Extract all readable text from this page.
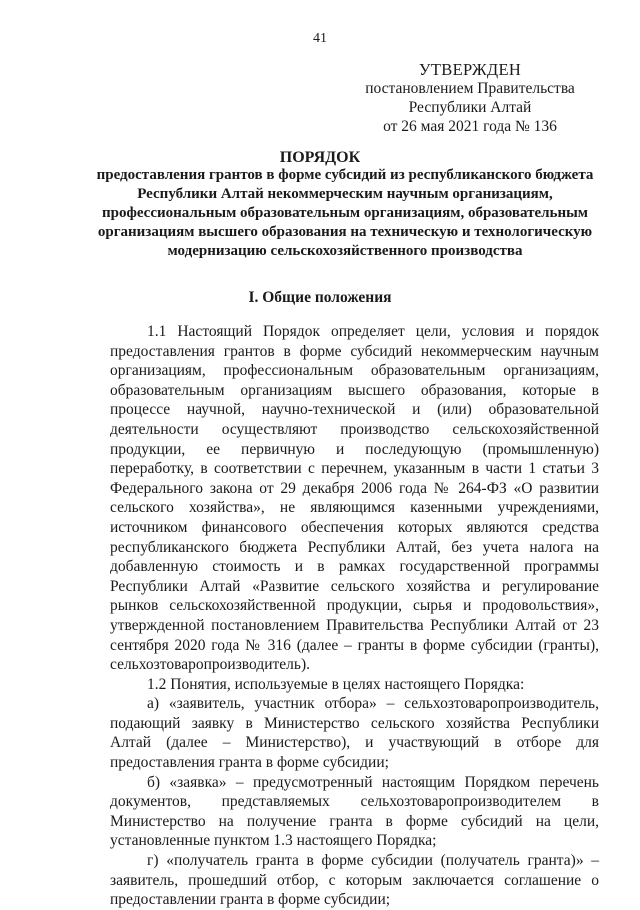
41
УТВЕРЖДЕН
постановлением Правительства
Республики Алтай
от 26 мая 2021 года № 136
ПОРЯДОК
предоставления грантов в форме субсидий из республиканского бюджета Республики Алтай некоммерческим научным организациям, профессиональным образовательным организациям, образовательным организациям высшего образования на техническую и технологическую модернизацию сельскохозяйственного производства
I. Общие положения

1.1 Настоящий Порядок определяет цели, условия и порядок предоставления грантов в форме субсидий некоммерческим научным организациям, профессиональным образовательным организациям, образовательным организациям высшего образования, которые в процессе научной, научно-технической и (или) образовательной деятельности осуществляют производство сельскохозяйственной продукции, ее первичную и последующую (промышленную) переработку, в соответствии с перечнем, указанным в части 1 статьи 3 Федерального закона от 29 декабря 2006 года № 264-ФЗ «О развитии сельского хозяйства», не являющимся казенными учреждениями, источником финансового обеспечения которых являются средства республиканского бюджета Республики Алтай, без учета налога на добавленную стоимость и в рамках государственной программы Республики Алтай «Развитие сельского хозяйства и регулирование рынков сельскохозяйственной продукции, сырья и продовольствия», утвержденной постановлением Правительства Республики Алтай от 23 сентября 2020 года № 316 (далее – гранты в форме субсидии (гранты), сельхозтоваропроизводитель).

1.2 Понятия, используемые в целях настоящего Порядка:

а) «заявитель, участник отбора» – сельхозтоваропроизводитель, подающий заявку в Министерство сельского хозяйства Республики Алтай (далее – Министерство), и участвующий в отборе для предоставления гранта в форме субсидии;

б) «заявка» – предусмотренный настоящим Порядком перечень документов, представляемых сельхозтоваропроизводителем в Министерство на получение гранта в форме субсидий на цели, установленные пунктом 1.3 настоящего Порядка;

г) «получатель гранта в форме субсидии (получатель гранта)» – заявитель, прошедший отбор, с которым заключается соглашение о предоставлении гранта в форме субсидии;
